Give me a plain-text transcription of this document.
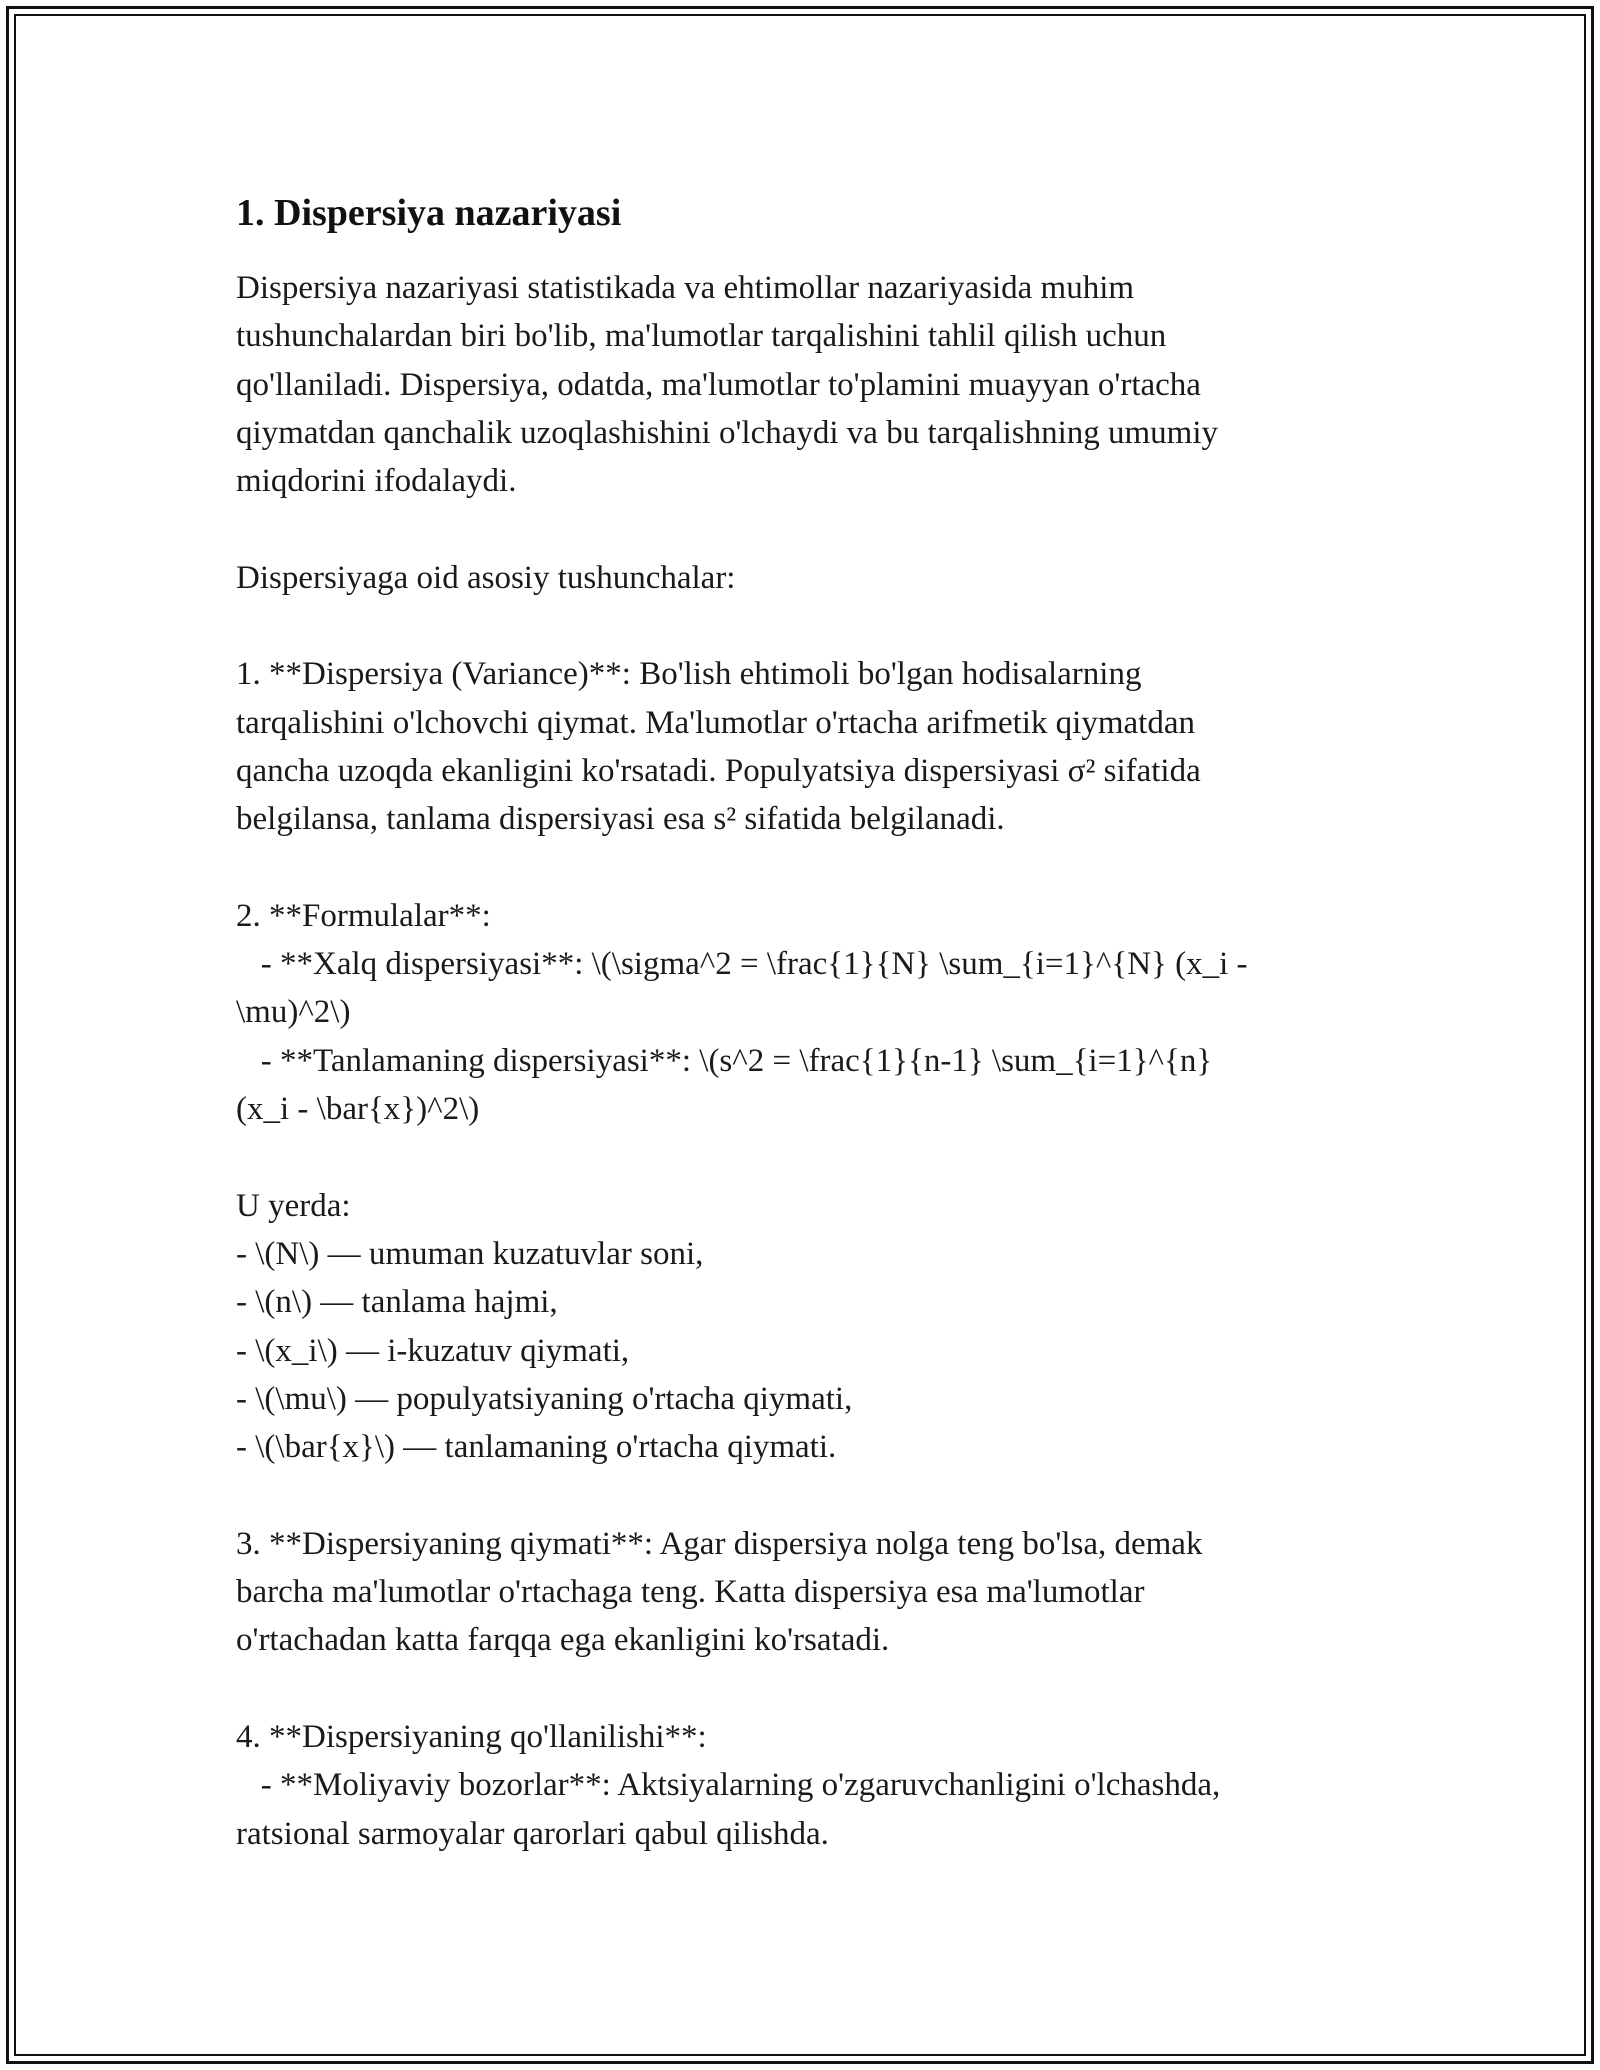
1. Dispersiya nazariyasi
Dispersiya nazariyasi statistikada va ehtimollar nazariyasida muhim
tushunchalardan biri bo'lib, ma'lumotlar tarqalishini tahlil qilish uchun
qo'llaniladi. Dispersiya, odatda, ma'lumotlar to'plamini muayyan o'rtacha
qiymatdan qanchalik uzoqlashishini o'lchaydi va bu tarqalishning umumiy
miqdorini ifodalaydi.
Dispersiyaga oid asosiy tushunchalar:
1. **Dispersiya (Variance)**: Bo'lish ehtimoli bo'lgan hodisalarning
tarqalishini o'lchovchi qiymat. Ma'lumotlar o'rtacha arifmetik qiymatdan
qancha uzoqda ekanligini ko'rsatadi. Populyatsiya dispersiyasi σ² sifatida
belgilansa, tanlama dispersiyasi esa s² sifatida belgilanadi.
2. **Formulalar**:
- **Xalq dispersiyasi**: \(\sigma^2 = \frac{1}{N} \sum_{i=1}^{N} (x_i -
\mu)^2\)
- **Tanlamaning dispersiyasi**: \(s^2 = \frac{1}{n-1} \sum_{i=1}^{n}
(x_i - \bar{x})^2\)
U yerda:
- \(N\) — umuman kuzatuvlar soni,
- \(n\) — tanlama hajmi,
- \(x_i\) — i-kuzatuv qiymati,
- \(\mu\) — populyatsiyaning o'rtacha qiymati,
- \(\bar{x}\) — tanlamaning o'rtacha qiymati.
3. **Dispersiyaning qiymati**: Agar dispersiya nolga teng bo'lsa, demak
barcha ma'lumotlar o'rtachaga teng. Katta dispersiya esa ma'lumotlar
o'rtachadan katta farqqa ega ekanligini ko'rsatadi.
4. **Dispersiyaning qo'llanilishi**:
- **Moliyaviy bozorlar**: Aktsiyalarning o'zgaruvchanligini o'lchashda,
ratsional sarmoyalar qarorlari qabul qilishda.
